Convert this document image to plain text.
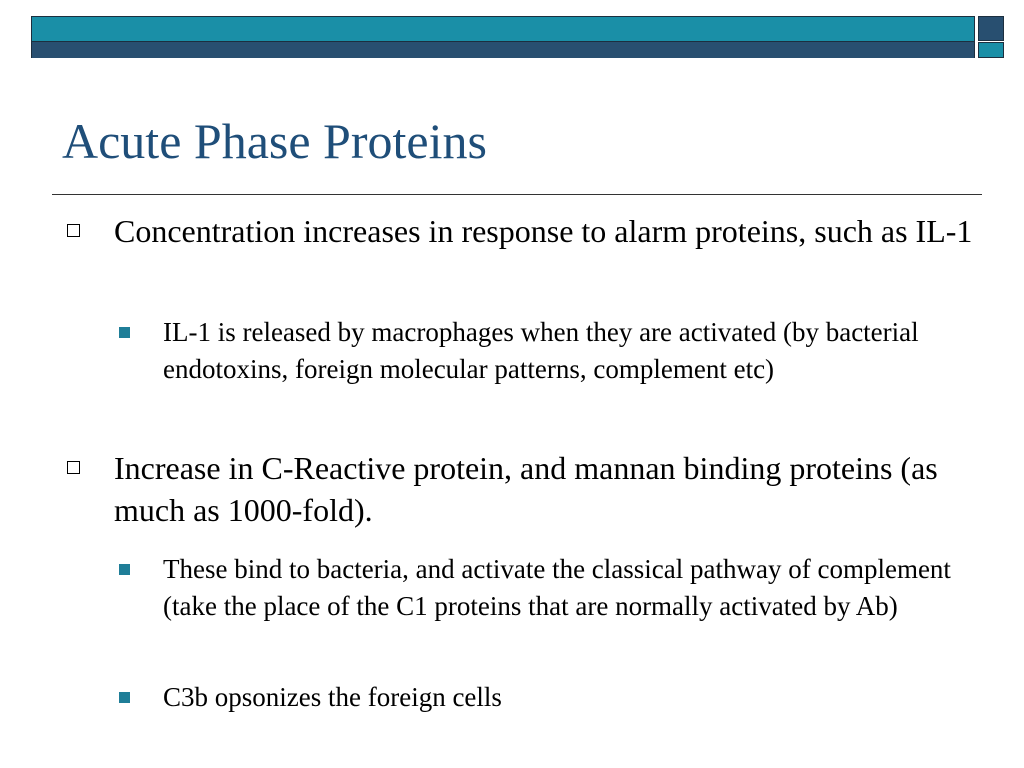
Acute Phase Proteins
Concentration increases in response to alarm proteins, such as IL-1
IL-1 is released by macrophages when they are activated (by bacterial endotoxins, foreign molecular patterns, complement etc)
Increase in C-Reactive protein, and mannan binding proteins (as much as 1000-fold).
These bind to bacteria, and activate the classical pathway of complement (take the place of the C1 proteins that are normally activated by Ab)
C3b opsonizes the foreign cells
